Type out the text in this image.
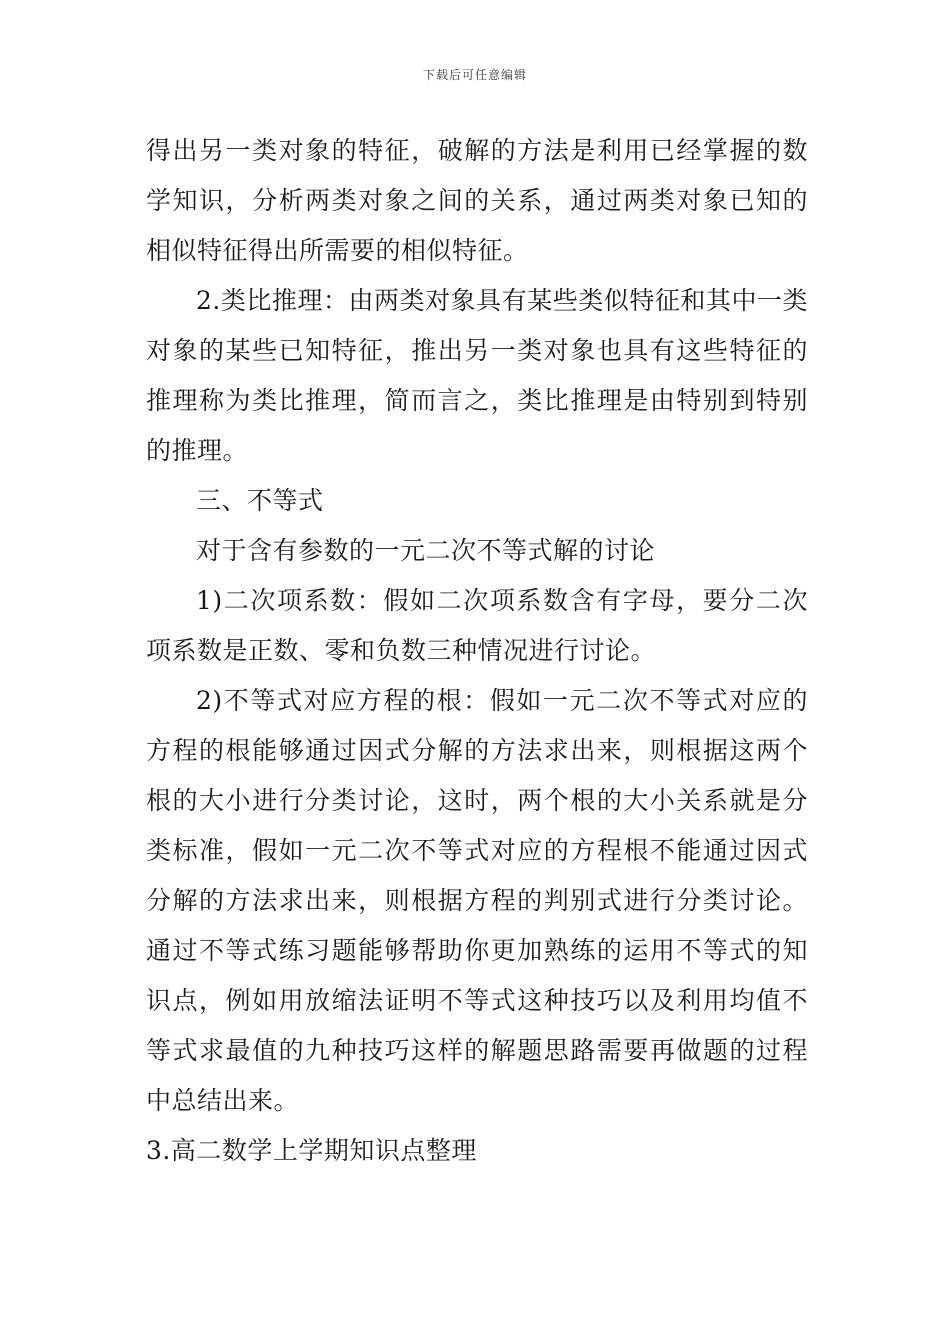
下载后可任意编辑

得出另一类对象的特征，破解的方法是利用已经掌握的数学知识，分析两类对象之间的关系，通过两类对象已知的相似特征得出所需要的相似特征。

2.类比推理：由两类对象具有某些类似特征和其中一类对象的某些已知特征，推出另一类对象也具有这些特征的推理称为类比推理，简而言之，类比推理是由特别到特别的推理。

三、不等式

对于含有参数的一元二次不等式解的讨论

1)二次项系数：假如二次项系数含有字母，要分二次项系数是正数、零和负数三种情况进行讨论。

2)不等式对应方程的根：假如一元二次不等式对应的方程的根能够通过因式分解的方法求出来，则根据这两个根的大小进行分类讨论，这时，两个根的大小关系就是分类标准，假如一元二次不等式对应的方程根不能通过因式分解的方法求出来，则根据方程的判别式进行分类讨论。通过不等式练习题能够帮助你更加熟练的运用不等式的知识点，例如用放缩法证明不等式这种技巧以及利用均值不等式求最值的九种技巧这样的解题思路需要再做题的过程中总结出来。

3.高二数学上学期知识点整理
